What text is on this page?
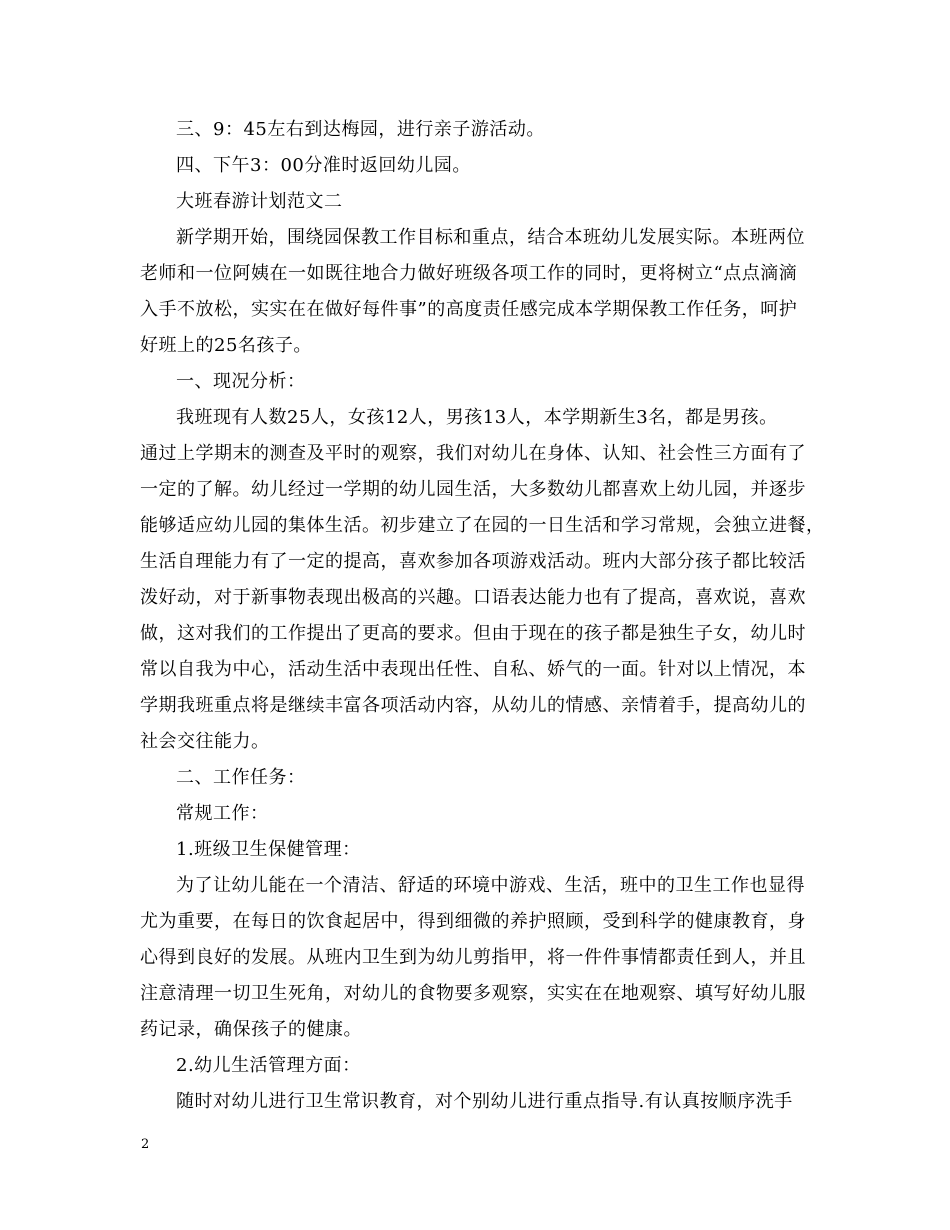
三、9：45左右到达梅园，进行亲子游活动。
四、下午3：00分准时返回幼儿园。
大班春游计划范文二
新学期开始，围绕园保教工作目标和重点，结合本班幼儿发展实际。本班两位
老师和一位阿姨在一如既往地合力做好班级各项工作的同时，更将树立“点点滴滴
入手不放松，实实在在做好每件事”的高度责任感完成本学期保教工作任务，呵护
好班上的25名孩子。
一、现况分析：
我班现有人数25人，女孩12人，男孩13人，本学期新生3名，都是男孩。
通过上学期末的测查及平时的观察，我们对幼儿在身体、认知、社会性三方面有了
一定的了解。幼儿经过一学期的幼儿园生活，大多数幼儿都喜欢上幼儿园，并逐步
能够适应幼儿园的集体生活。初步建立了在园的一日生活和学习常规，会独立进餐，
生活自理能力有了一定的提高，喜欢参加各项游戏活动。班内大部分孩子都比较活
泼好动，对于新事物表现出极高的兴趣。口语表达能力也有了提高，喜欢说，喜欢
做，这对我们的工作提出了更高的要求。但由于现在的孩子都是独生子女，幼儿时
常以自我为中心，活动生活中表现出任性、自私、娇气的一面。针对以上情况，本
学期我班重点将是继续丰富各项活动内容，从幼儿的情感、亲情着手，提高幼儿的
社会交往能力。
二、工作任务：
常规工作：
1.班级卫生保健管理：
为了让幼儿能在一个清洁、舒适的环境中游戏、生活，班中的卫生工作也显得
尤为重要，在每日的饮食起居中，得到细微的养护照顾，受到科学的健康教育，身
心得到良好的发展。从班内卫生到为幼儿剪指甲，将一件件事情都责任到人，并且
注意清理一切卫生死角，对幼儿的食物要多观察，实实在在地观察、填写好幼儿服
药记录，确保孩子的健康。
2.幼儿生活管理方面：
随时对幼儿进行卫生常识教育，对个别幼儿进行重点指导.有认真按顺序洗手
2
